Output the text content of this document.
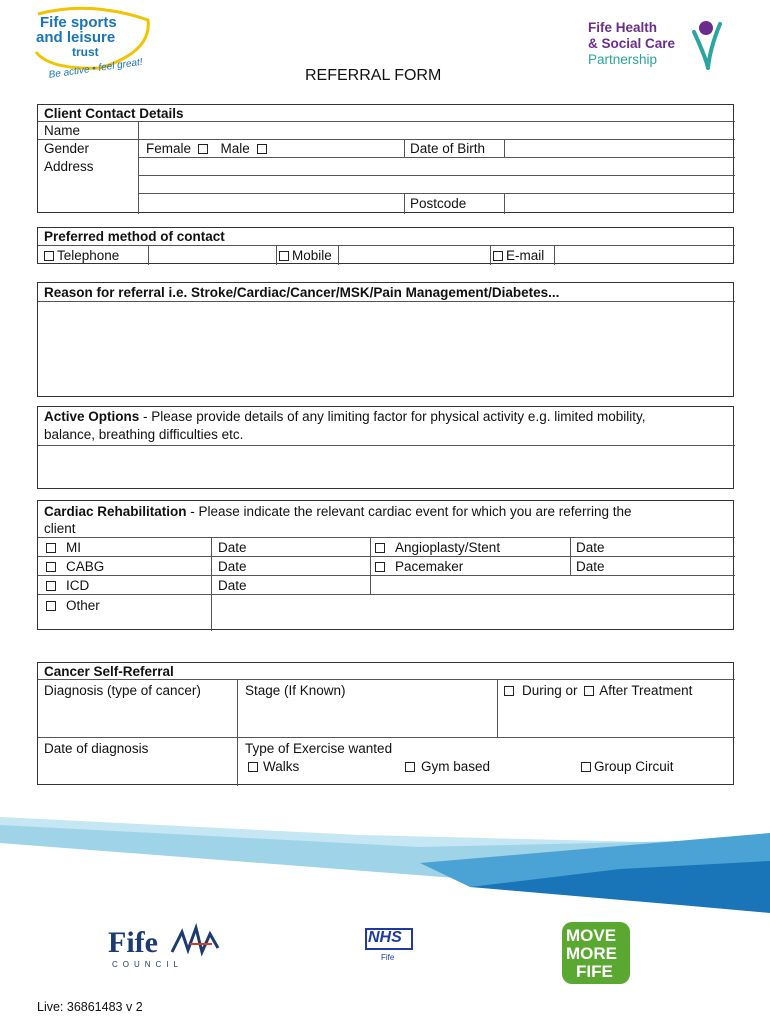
Fife sports
and leisure
trust
Be active • feel great!
Fife Health
& Social Care
Partnership
REFERRAL FORM
Client Contact Details
Name
Gender	Female Male	Date of Birth
Address
Postcode
Preferred method of contact
Telephone	Mobile	E-mail
Reason for referral i.e. Stroke/Cardiac/Cancer/MSK/Pain Management/Diabetes...
Active Options - Please provide details of any limiting factor for physical activity e.g. limited mobility,
balance, breathing difficulties etc.
Cardiac Rehabilitation - Please indicate the relevant cardiac event for which you are referring the
client
MI	Date	Angioplasty/Stent	Date
CABG	Date	Pacemaker	Date
ICD	Date
Other
Cancer Self-Referral
Diagnosis (type of cancer)	Stage (If Known)	During or After Treatment
Date of diagnosis	Type of Exercise wanted
Walks	Gym based	Group Circuit
Fife
COUNCIL
NHS
Fife
MOVE
MORE
FIFE
Live: 36861483 v 2
